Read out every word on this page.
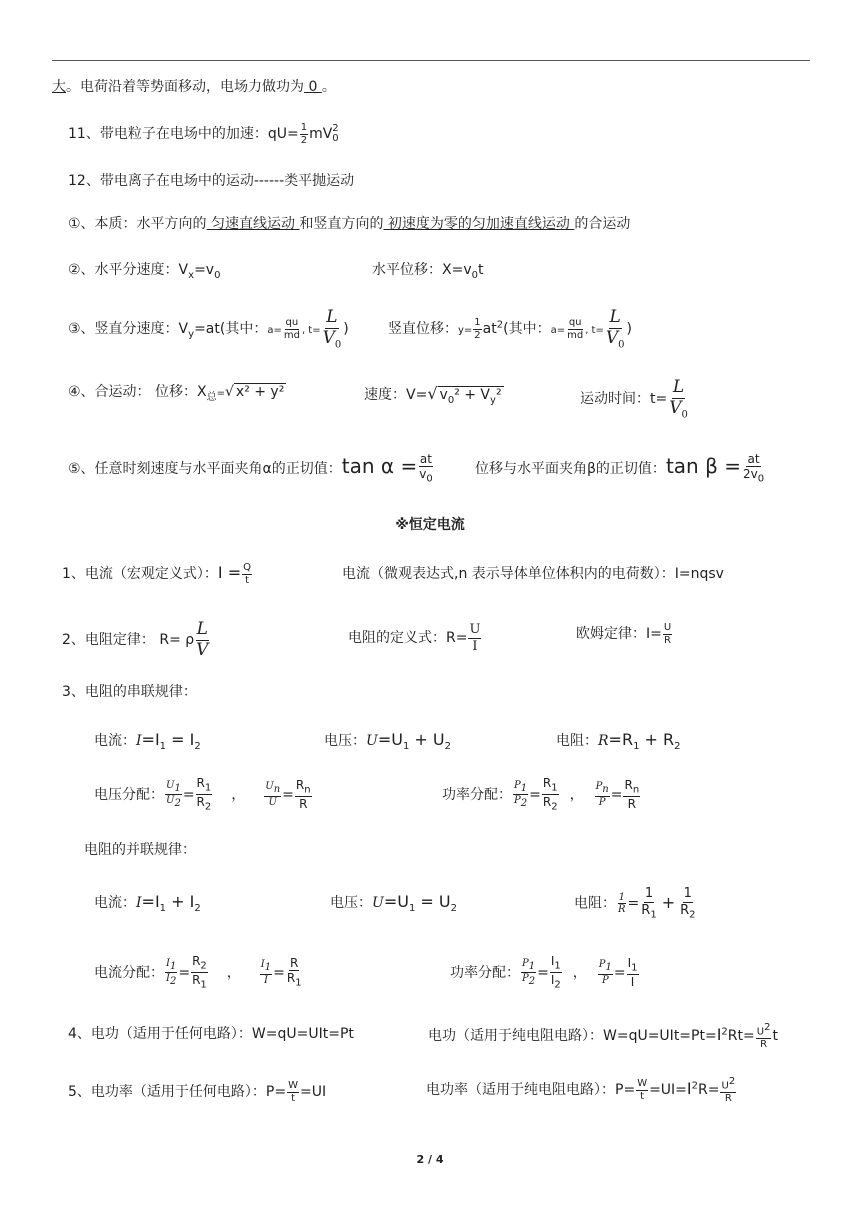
大。电荷沿着等势面移动，电场力做功为 0 。
11、带电粒子在电场中的加速：$qU= \frac{1}{2}$ mV 2
0
12、带电离子在电场中的运动------类平抛运动
①、本质：水平方向的 匀速直线运动 和竖直方向的 初速度为零的匀加速直线运动 的合运动
②、水平分速度：$V_x=v_0$	水平位移：$X=v_0t$
③、竖直分速度：$V_y=at$(其中：$a= \frac{qu}{md}$ , $t= \frac{L}{V_0}$ )	竖直位移：$y= \frac{1}{2} at^2$(其中：$a= \frac{qu}{md}$ , $t= \frac{L}{V_0}$ )
④、合运动： 位移：$X_总=√$ x² + y²	速度：V=√ $v_0^2 + V_y^2$	运动时间：$t= \frac{L}{V_0}$
⑤、任意时刻速度与水平面夹角α的正切值：$\tan \alpha = \frac{at}{v_0}$	位移与水平面夹角β的正切值：$\tan \beta = \frac{at}{2v_0}$
※恒定电流
1、电流（宏观定义式）：$I = \frac{Q}{t}$	电流（微观表达式,n 表示导体单位体积内的电荷数）：I=nqsv
2、电阻定律： R= ρ $\frac{L}{V}$	电阻的定义式：$R= \frac{U}{I}$	欧姆定律：$I= \frac{U}{R}$
3、电阻的串联规律：
电流：$I=I_1 = I_2$	电压：$U=U_1 + U_2$	电阻：$R=R_1 + R_2$
电压分配： $\frac{U_1}{U_2} = \frac{R_1}{R_2}$ ， $\frac{U_n}{U} = \frac{R_n}{R}$	功率分配： $\frac{P_1}{P_2} = \frac{R_1}{R_2}$ ， $\frac{P_n}{P} = \frac{R_n}{R}$
电阻的并联规律：
电流：$I=I_1 + I_2$	电压：$U=U_1 = U_2$	电阻： $\frac{1}{R} = \frac{1}{R_1} + \frac{1}{R_2}$
电流分配： $\frac{I_1}{I_2} = \frac{R_2}{R_1}$ ， $\frac{I_1}{I} = \frac{R}{R_1}$	功率分配： $\frac{P_1}{P_2} = \frac{I_1}{I_2}$ ， $\frac{P_1}{P} = \frac{I_1}{I}$
4、电功（适用于任何电路）：W=qU=UIt=Pt	电功（适用于纯电阻电路）：$W=qU=UIt=Pt=I^2Rt= \frac{U^2}{R}$ t
5、电功率（适用于任何电路）：$P= \frac{W}{t} =UI$	电功率（适用于纯电阻电路）：$P= \frac{W}{t} =UI=I^2R= \frac{U^2}{R}$
2 / 4
